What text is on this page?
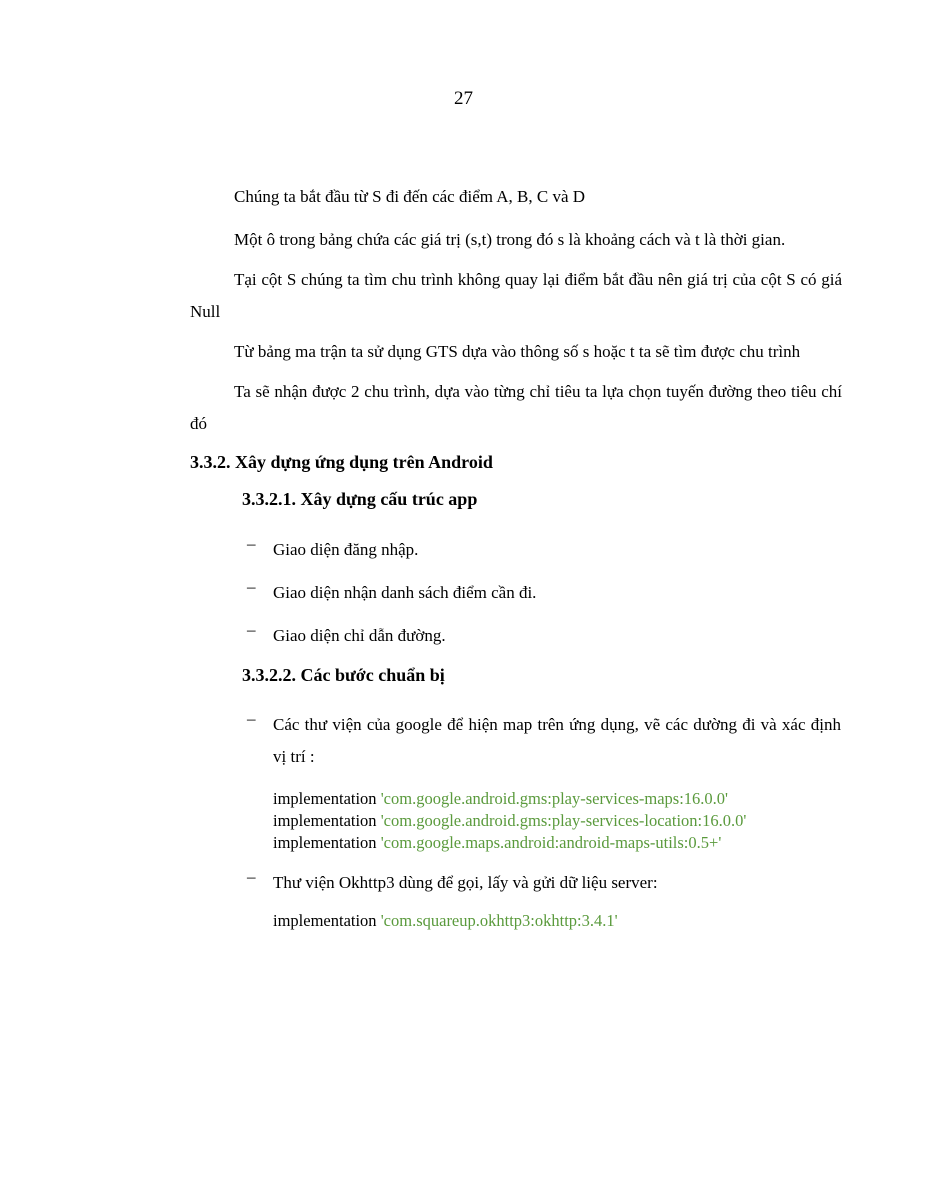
27
Chúng ta bắt đầu từ S đi đến các điểm A, B, C và D
Một ô trong bảng chứa các giá trị (s,t) trong đó s là khoảng cách và t là thời gian.
Tại cột S chúng ta tìm chu trình không quay lại điểm bắt đầu nên giá trị của cột S có giá Null
Từ bảng ma trận ta sử dụng GTS dựa vào thông số s hoặc t ta sẽ tìm được chu trình
Ta sẽ nhận được 2 chu trình, dựa vào từng chỉ tiêu ta lựa chọn tuyến đường theo tiêu chí đó
3.3.2. Xây dựng ứng dụng trên Android
3.3.2.1. Xây dựng cấu trúc app
– Giao diện đăng nhập.
– Giao diện nhận danh sách điểm cần đi.
– Giao diện chỉ dẫn đường.
3.3.2.2. Các bước chuẩn bị
– Các thư viện của google để hiện map trên ứng dụng, vẽ các dường đi và xác định vị trí :
implementation 'com.google.android.gms:play-services-maps:16.0.0'
implementation 'com.google.android.gms:play-services-location:16.0.0'
implementation 'com.google.maps.android:android-maps-utils:0.5+'
– Thư viện Okhttp3 dùng để gọi, lấy và gửi dữ liệu server:
implementation 'com.squareup.okhttp3:okhttp:3.4.1'
